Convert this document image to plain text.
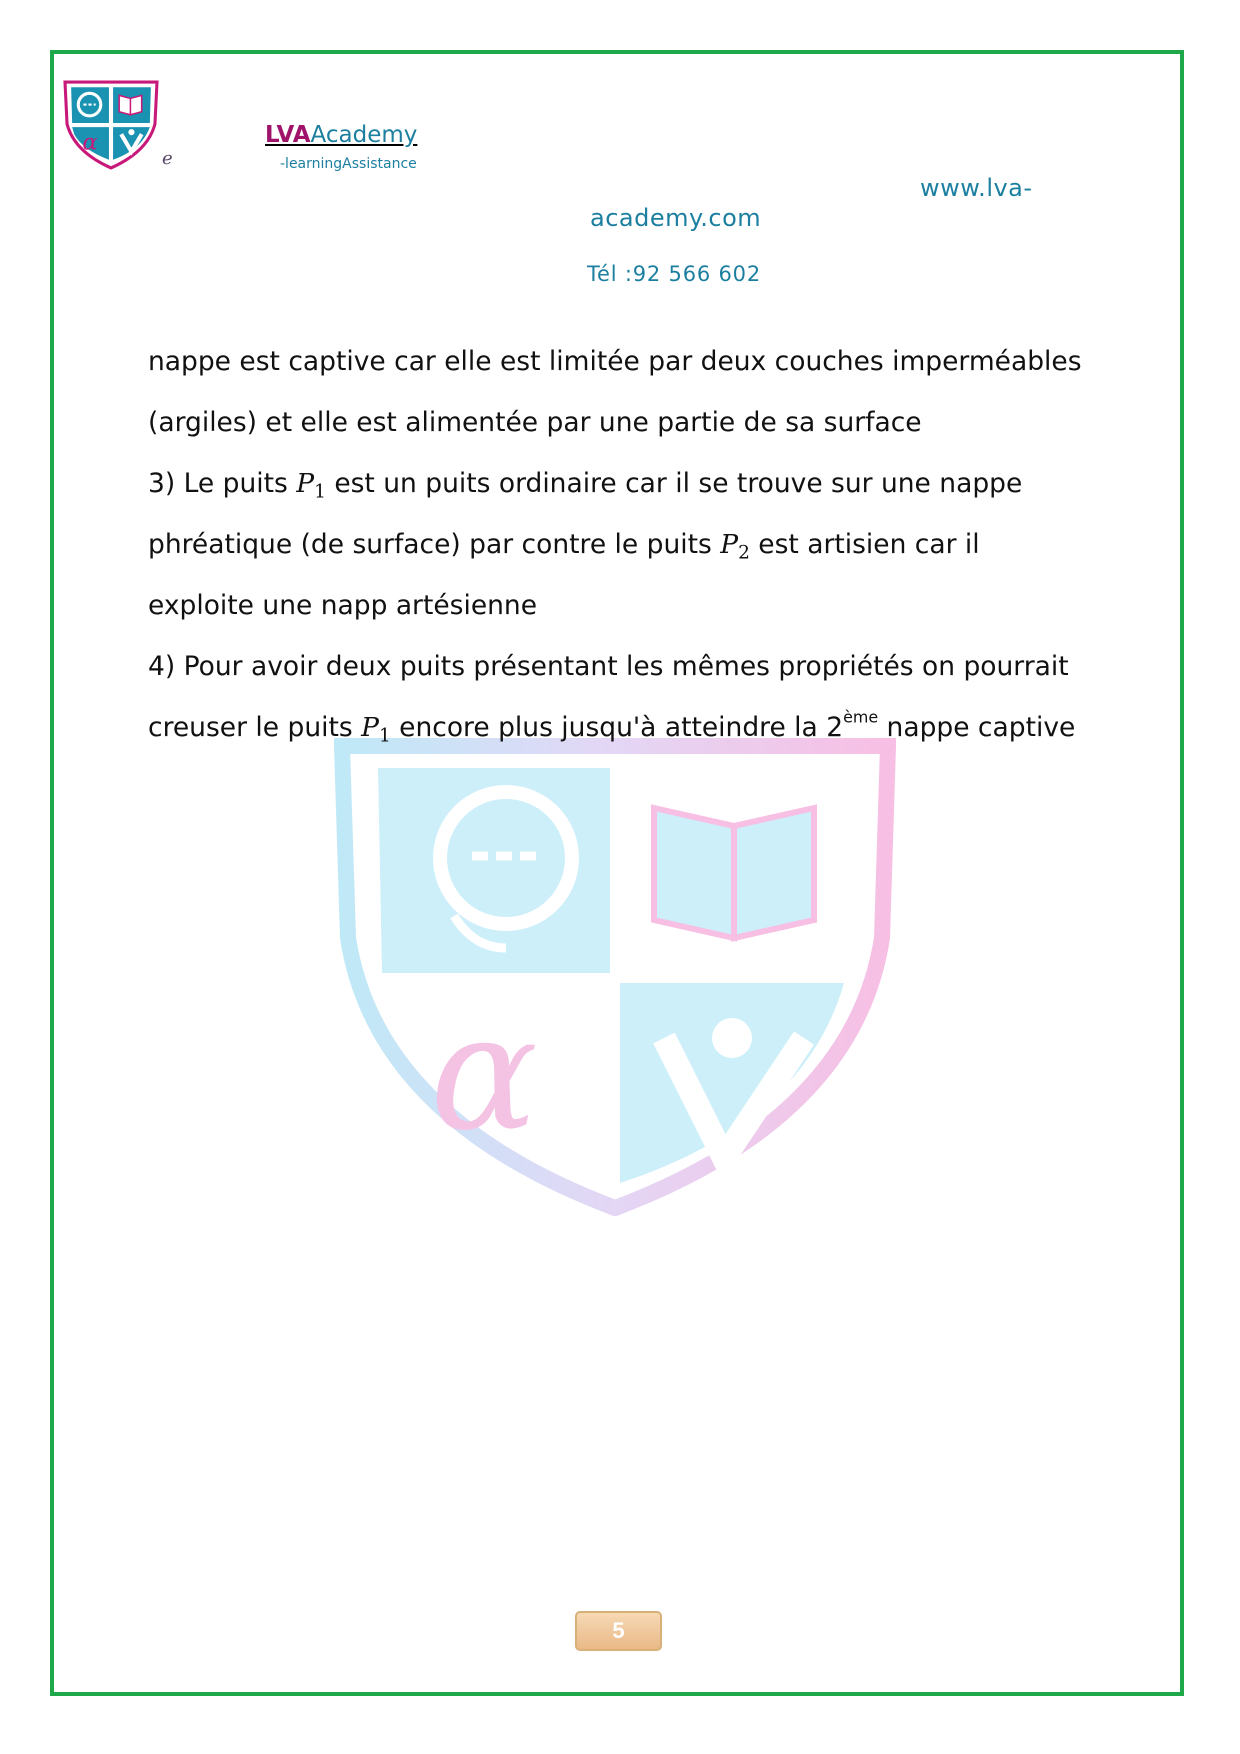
α
e
LVAAcademy
-learningAssistance
www.lva-
academy.com
Tél :92 566 602
α
nappe est captive car elle est limitée par deux couches imperméables
(argiles) et elle est alimentée par une partie de sa surface
3) Le puits $P_1$ est un puits ordinaire car il se trouve sur une nappe
phréatique (de surface) par contre le puits $P_2$ est artisien car il
exploite une napp artésienne
4) Pour avoir deux puits présentant les mêmes propriétés on pourrait
creuser le puits $P_1$ encore plus jusqu'à atteindre la 2ème nappe captive
5
